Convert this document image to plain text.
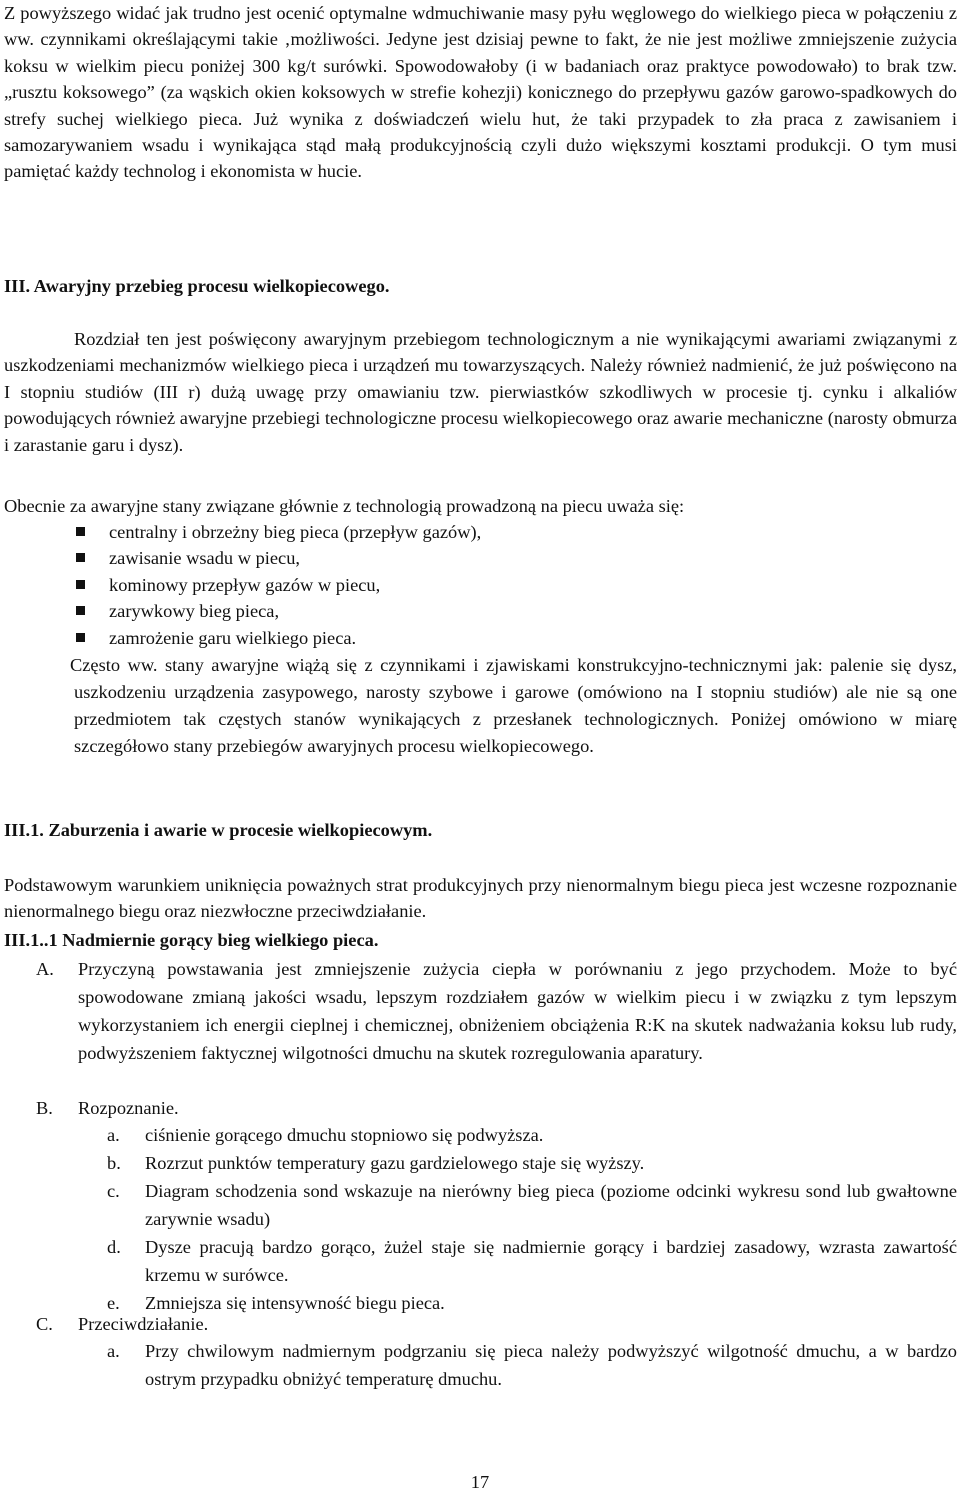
Z powyższego widać jak trudno jest ocenić optymalne wdmuchiwanie masy pyłu węglowego do wielkiego pieca w połączeniu z ww. czynnikami określającymi takie ‚możliwości. Jedyne jest dzisiaj pewne to fakt, że nie jest możliwe zmniejszenie zużycia koksu w wielkim piecu poniżej 300 kg/t surówki. Spowodowałoby (i w badaniach oraz praktyce powodowało) to brak tzw. „rusztu koksowego” (za wąskich okien koksowych w strefie kohezji) konicznego do przepływu gazów garowo-spadkowych do strefy suchej wielkiego pieca. Już wynika z doświadczeń wielu hut, że taki przypadek to zła praca z zawisaniem i samozarywaniem wsadu i wynikająca stąd małą produkcyjnością czyli dużo większymi kosztami produkcji. O tym musi pamiętać każdy technolog i ekonomista w hucie.

III. Awaryjny przebieg procesu wielkopiecowego.

Rozdział ten jest poświęcony awaryjnym przebiegom technologicznym a nie wynikającymi awariami związanymi z uszkodzeniami mechanizmów wielkiego pieca i urządzeń mu towarzyszących. Należy również nadmienić, że już poświęcono na I stopniu studiów (III r) dużą uwagę przy omawianiu tzw. pierwiastków szkodliwych w procesie tj. cynku i alkaliów powodujących również awaryjne przebiegi technologiczne procesu wielkopiecowego oraz awarie mechaniczne (narosty obmurza i zarastanie garu i dysz).

Obecnie za awaryjne stany związane głównie z technologią prowadzoną na piecu uważa się:

centralny i obrzeżny bieg pieca (przepływ gazów),
zawisanie wsadu w piecu,
kominowy przepływ gazów w piecu,
zarywkowy bieg pieca,
zamrożenie garu wielkiego pieca.

Często ww. stany awaryjne wiążą się z czynnikami i zjawiskami konstrukcyjno-technicznymi jak: palenie się dysz, uszkodzeniu urządzenia zasypowego, narosty szybowe i garowe (omówiono na I stopniu studiów) ale nie są one przedmiotem tak częstych stanów wynikających z przesłanek technologicznych. Poniżej omówiono w miarę szczegółowo stany przebiegów awaryjnych procesu wielkopiecowego.

III.1. Zaburzenia i awarie w procesie wielkopiecowym.

Podstawowym warunkiem uniknięcia poważnych strat produkcyjnych przy nienormalnym biegu pieca jest wczesne rozpoznanie nienormalnego biegu oraz niezwłoczne przeciwdziałanie.

III.1..1 Nadmiernie gorący bieg wielkiego pieca.

A. Przyczyną powstawania jest zmniejszenie zużycia ciepła w porównaniu z jego przychodem. Może to być spowodowane zmianą jakości wsadu, lepszym rozdziałem gazów w wielkim piecu i w związku z tym lepszym wykorzystaniem ich energii cieplnej i chemicznej, obniżeniem obciążenia R:K na skutek nadważania koksu lub rudy, podwyższeniem faktycznej wilgotności dmuchu na skutek rozregulowania aparatury.
B. Rozpoznanie.
a. ciśnienie gorącego dmuchu stopniowo się podwyższa.
b. Rozrzut punktów temperatury gazu gardzielowego staje się wyższy.
c. Diagram schodzenia sond wskazuje na nierówny bieg pieca (poziome odcinki wykresu sond lub gwałtowne zarywnie wsadu)
d. Dysze pracują bardzo gorąco, żużel staje się nadmiernie gorący i bardziej zasadowy, wzrasta zawartość krzemu w surówce.
e. Zmniejsza się intensywność biegu pieca.
C. Przeciwdziałanie.
a. Przy chwilowym nadmiernym podgrzaniu się pieca należy podwyższyć wilgotność dmuchu, a w bardzo ostrym przypadku obniżyć temperaturę dmuchu.
17
